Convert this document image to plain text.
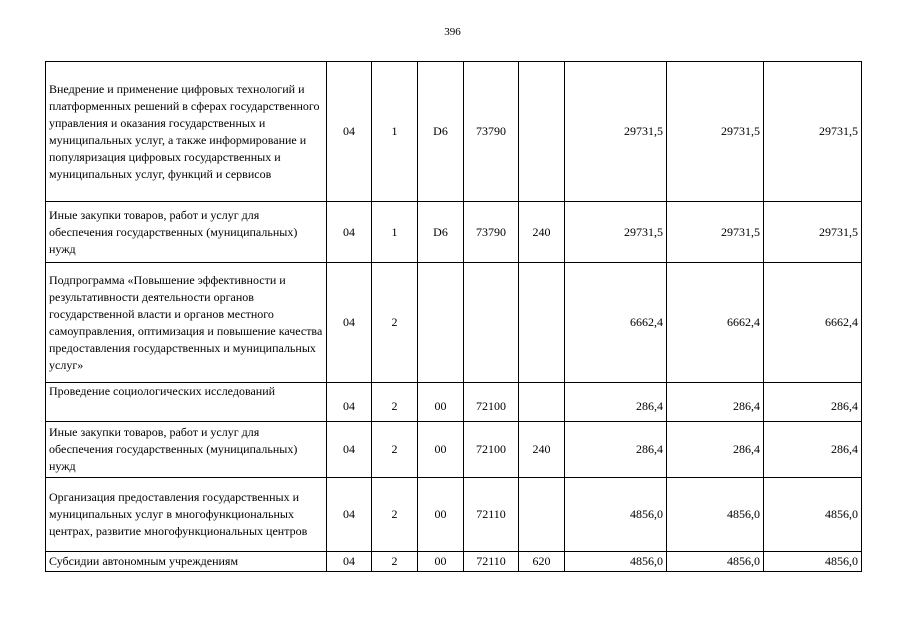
396
Внедрение и применение цифровых технологий и платформенных решений в сферах государственного управления и оказания государственных и муниципальных услуг, а также информирование и популяризация цифровых государственных и муниципальных услуг, функций и сервисов	04	1	D6	73790		29731,5	29731,5	29731,5
Иные закупки товаров, работ и услуг для обеспечения государственных (муниципальных) нужд	04	1	D6	73790	240	29731,5	29731,5	29731,5
Подпрограмма «Повышение эффективности и результативности деятельности органов государственной власти и органов местного самоуправления, оптимизация и повышение качества предоставления государственных и муниципальных услуг»	04	2				6662,4	6662,4	6662,4
Проведение социологических исследований	04	2	00	72100		286,4	286,4	286,4
Иные закупки товаров, работ и услуг для обеспечения государственных (муниципальных) нужд	04	2	00	72100	240	286,4	286,4	286,4
Организация предоставления государственных и муниципальных услуг в многофункциональных центрах, развитие многофункциональных центров	04	2	00	72110		4856,0	4856,0	4856,0
Субсидии автономным учреждениям	04	2	00	72110	620	4856,0	4856,0	4856,0
